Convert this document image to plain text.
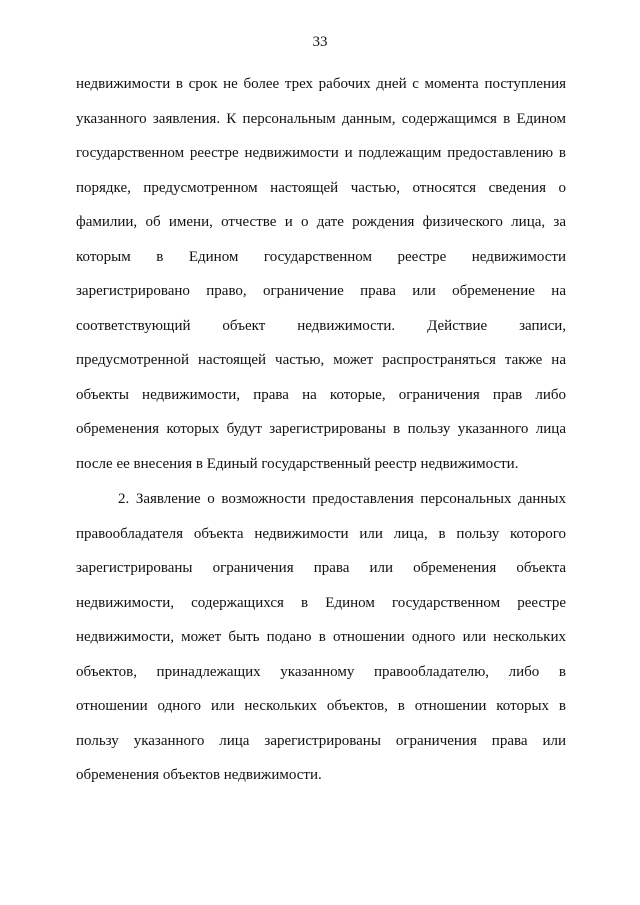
33
недвижимости в срок не более трех рабочих дней с момента поступления
указанного заявления. К персональным данным, содержащимся в Едином
государственном реестре недвижимости и подлежащим предоставлению в
порядке, предусмотренном настоящей частью, относятся сведения о
фамилии, об имени, отчестве и о дате рождения физического лица, за
которым в Едином государственном реестре недвижимости
зарегистрировано право, ограничение права или обременение на
соответствующий объект недвижимости. Действие записи,
предусмотренной настоящей частью, может распространяться также на
объекты недвижимости, права на которые, ограничения прав либо
обременения которых будут зарегистрированы в пользу указанного лица
после ее внесения в Единый государственный реестр недвижимости.
2. Заявление о возможности предоставления персональных данных
правообладателя объекта недвижимости или лица, в пользу которого
зарегистрированы ограничения права или обременения объекта
недвижимости, содержащихся в Едином государственном реестре
недвижимости, может быть подано в отношении одного или нескольких
объектов, принадлежащих указанному правообладателю, либо в
отношении одного или нескольких объектов, в отношении которых в
пользу указанного лица зарегистрированы ограничения права или
обременения объектов недвижимости.
